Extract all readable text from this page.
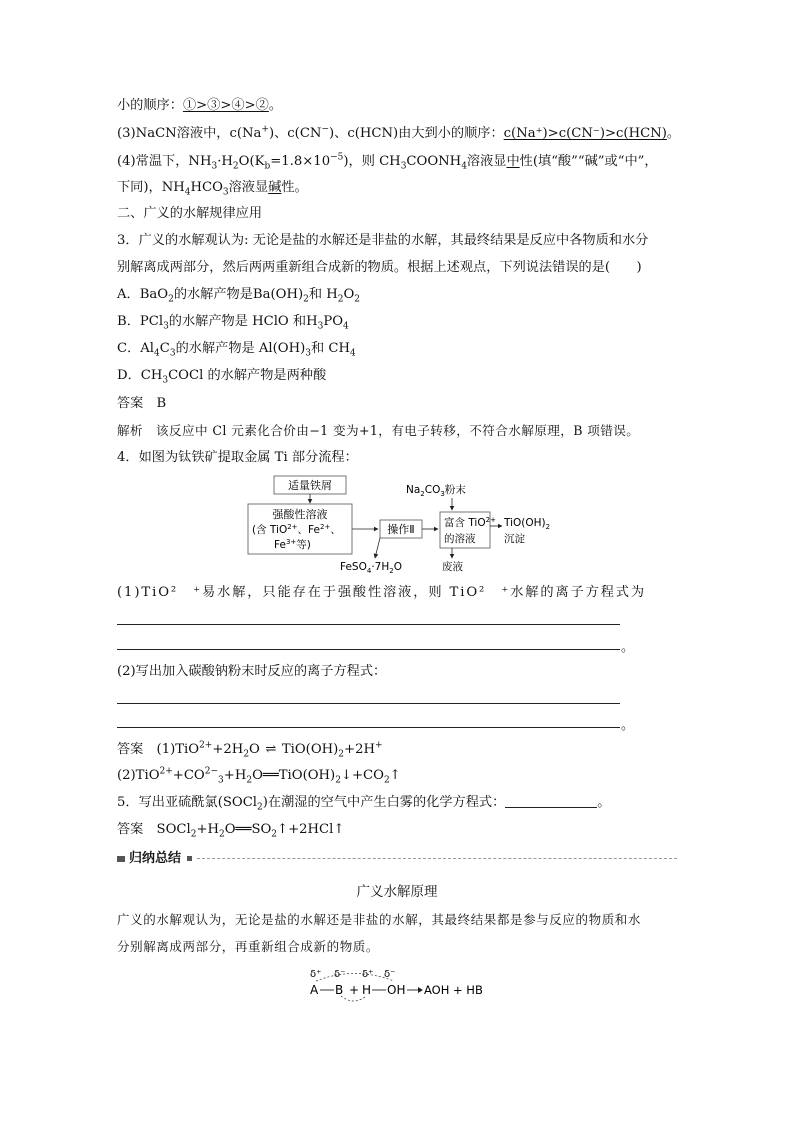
小的顺序：①>③>④>②。
(3)NaCN溶液中，c(Na+)、c(CN−)、c(HCN)由大到小的顺序：c(Na⁺)>c(CN⁻)>c(HCN)。
(4)常温下，$NH_3\cdot H_2O(K_b=1.8\times 10^{-5})$，则 $CH_3COONH_4$溶液显中性(填“酸”“碱”或“中”，
下同)，$NH_4HCO_3$溶液显碱性。
二、广义的水解规律应用
3．广义的水解观认为: 无论是盐的水解还是非盐的水解，其最终结果是反应中各物质和水分
别解离成两部分，然后两两重新组合成新的物质。根据上述观点，下列说法错误的是(　　)
A．BaO$_2$的水解产物是$Ba(OH)_2$和 $H_2O_2$
B．PCl$_3$的水解产物是 HClO 和$H_3PO_4$
C．$Al_4C_3$的水解产物是 $Al(OH)_3$和 $CH_4$
D．$CH_3COCl$ 的水解产物是两种酸
答案　B
解析　该反应中 Cl 元素化合价由−1 变为+1，有电子转移，不符合水解原理，B 项错误。
4．如图为钛铁矿提取金属 Ti 部分流程：
适量铁屑
强酸性溶液
(含 TiO$^{2+}$、$Fe^{2+}$、
$Fe^{3+}$等)
操作Ⅱ
$FeSO_4\cdot 7H_2O$
$Na_2CO_3$粉末
富含 TiO$^{2+}$
的溶液
废液
$TiO(OH)_2$
沉淀
(1)TiO²　⁺易水解，只能存在于强酸性溶液，则 TiO²　⁺水解的离子方程式为
。
(2)写出加入碳酸钠粉末时反应的离子方程式：
。
答案　$(1)TiO^{2+}+2H_2O$ ⇌ $TiO(OH)_2+2H^+$
$(2)TiO^{2+}+CO^{2-}_3+H_2O══TiO(OH)_2↓+CO_2↑$
5．写出亚硫酰氯(SOCl$_2$)在潮湿的空气中产生白雾的化学方程式：	。
答案　$SOCl_2+H_2O══SO_2↑+2HCl↑$
归纳总结
广义水解原理
广义的水解观认为，无论是盐的水解还是非盐的水解，其最终结果都是参与反应的物质和水
分别解离成两部分，再重新组合成新的物质。
δ⁺ δ⁻ δ⁺ δ⁻
A B + H OH AOH + HB
